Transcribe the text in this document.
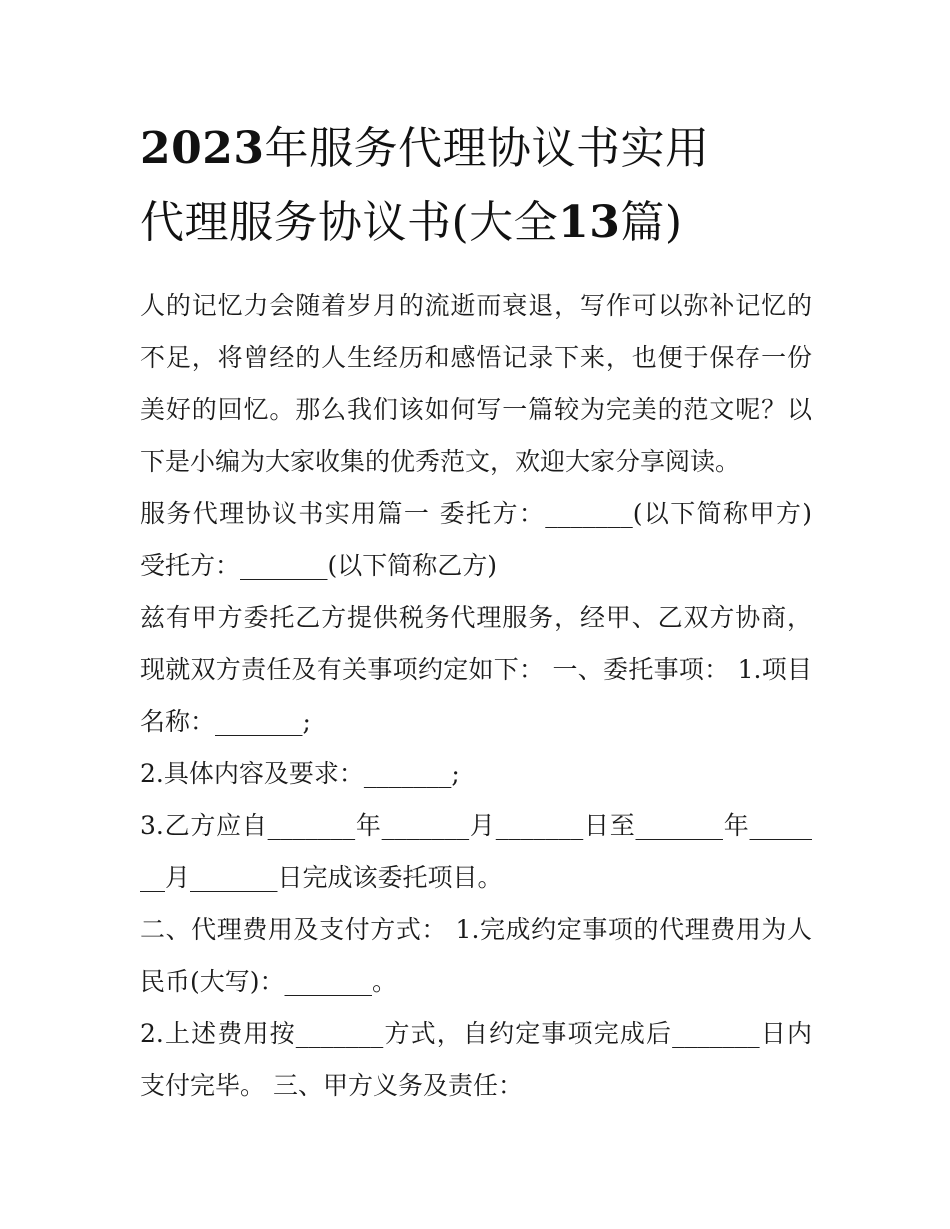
2023年服务代理协议书实用
代理服务协议书(大全13篇)

人的记忆力会随着岁月的流逝而衰退，写作可以弥补记忆的不足，将曾经的人生经历和感悟记录下来，也便于保存一份美好的回忆。那么我们该如何写一篇较为完美的范文呢？以下是小编为大家收集的优秀范文，欢迎大家分享阅读。

服务代理协议书实用篇一 委托方：_______(以下简称甲方) 受托方：_______(以下简称乙方)

兹有甲方委托乙方提供税务代理服务，经甲、乙双方协商，现就双方责任及有关事项约定如下： 一、委托事项： 1.项目名称：_______;

2.具体内容及要求：_______;

3.乙方应自_______年_______月_______日至_______年_______月_______日完成该委托项目。

二、代理费用及支付方式： 1.完成约定事项的代理费用为人民币(大写)：_______。

2.上述费用按_______方式，自约定事项完成后_______日内支付完毕。 三、甲方义务及责任：
